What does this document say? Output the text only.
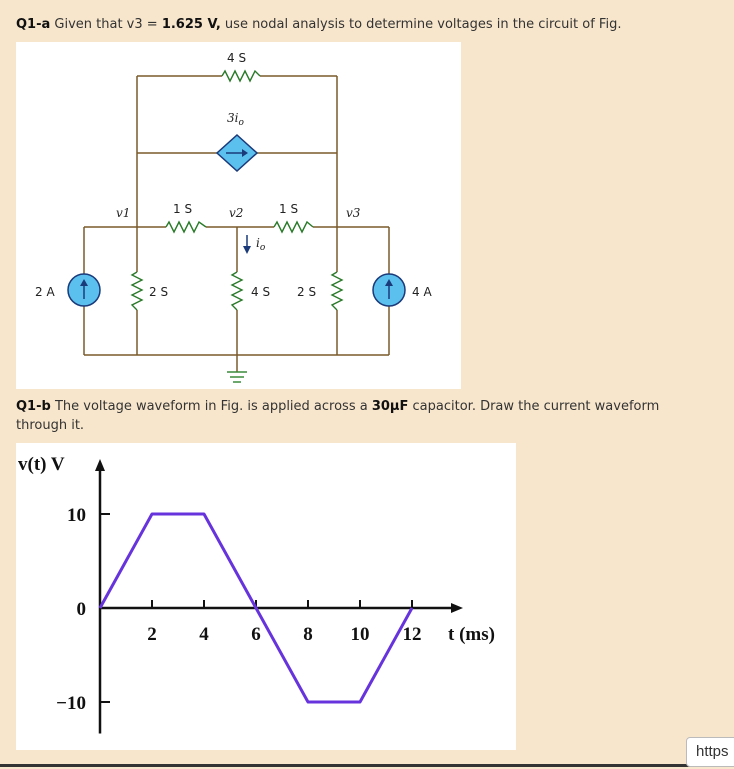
Q1-a Given that v3 = 1.625 V, use nodal analysis to determine voltages in the circuit of Fig.
4 S
$3i_o$
v1	1 S	v2	1 S	v3
$i_o$
2 A	2 S	4 S 2 S	4 A
Q1-b The voltage waveform in Fig. is applied across a 30μF capacitor. Draw the current waveform
through it.
2 4 6 8 10 12
10
0
−10
v(t) V
t (ms)
https
